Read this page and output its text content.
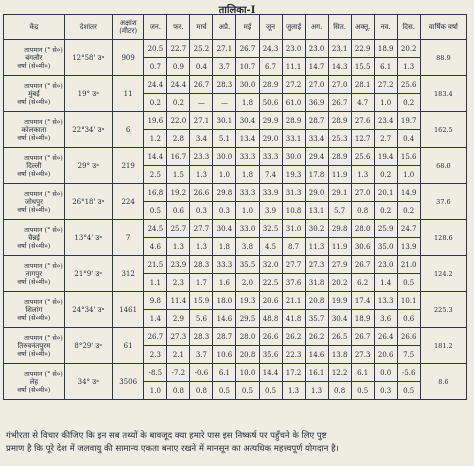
तालिका-I
केंद्र	देशांतर	अक्षांश (मीटर)	जन.	फर.	मार्च	अप्रै.	मई	जून	जुलाई	अग.	सित.	अक्तू.	नव.	दिस.	वार्षिक वर्षा

तापमान (° से०)
बंगलौर
वर्षा (से०मी०)	12°58' उ॰	909	20.5	22.7	25.2	27.1	26.7	24.3	23.0	23.0	23.1	22.9	18.9	20.2	88.9
			0.7	0.9	0.4	3.7	10.7	6.7	11.1	14.7	14.3	15.5	6.1	1.3	

तापमान (° से०)
मुंबई
वर्षा (से०मी०)	19° उ॰	11	24.4	24.4	26.7	28.3	30.0	28.9	27.2	27.0	27.0	28.1	27.2	25.6	183.4
			0.2	0.2	—	—	1.8	50.6	61.0	36.9	26.7	4.7	1.0	0.2	

तापमान (° से०)
कोलकाता
वर्षा (से०मी०)	22°34' उ॰	6	19.6	22.0	27.1	30.1	30.4	29.9	28.9	28.7	28.9	27.6	23.4	19.7	162.5
			1.2	2.8	3.4	5.1	13.4	29.0	33.1	33.4	25.3	12.7	2.7	0.4	

तापमान (° से०)
दिल्ली
वर्षा (से०मी०)	29° उ॰	219	14.4	16.7	23.3	30.0	33.3	33.3	30.0	29.4	28.9	25.6	19.4	15.6	68.0
			2.5	1.5	1.3	1.0	1.8	7.4	19.3	17.8	11.9	1.3	0.2	1.0	

तापमान (° से०)
जोधपुर
वर्षा (से०मी०)	26°18' उ॰	224	16.8	19.2	26.6	29.8	33.3	33.9	31.3	29.0	29.1	27.0	20.1	14.9	37.6
			0.5	0.6	0.3	0.3	1.0	3.9	10.8	13.1	5.7	0.8	0.2	0.2	

तापमान (° से०)
चैन्नई
वर्षा (से०मी०)	13°4' उ॰	7	24.5	25.7	27.7	30.4	33.0	32.5	31.0	30.2	29.8	28.0	25.9	24.7	128.6
			4.6	1.3	1.3	1.8	3.8	4.5	8.7	11.3	11.9	30.6	35.0	13.9	

तापमान (° से०)
नागपुर
वर्षा (से०मी०)	21°9' उ॰	312	21.5	23.9	28.3	33.3	35.5	32.0	27.7	27.3	27.9	26.7	23.0	21.0	124.2
			1.1	2.3	1.7	1.6	2.0	22.5	37.6	31.8	20.2	6.2	1.4	0.5	

तापमान (° से०)
शिलांग
वर्षा (से०मी०)	24°34' उ॰	1461	9.8	11.4	15.9	18.0	19.3	20.6	21.1	20.8	19.9	17.4	13.3	10.1	225.3
			1.4	2.9	5.6	14.6	29.5	48.8	41.8	35.7	30.4	18.9	3.6	0.6	

तापमान (° से०)
तिरुवनंतपुरम
वर्षा (से०मी०)	8°29' उ॰	61	26.7	27.3	28.3	28.7	28.0	26.6	26.2	26.2	26.5	26.7	26.4	26.6	181.2
			2.3	2.1	3.7	10.6	20.8	35.6	22.3	14.6	13.8	27.3	20.6	7.5	

तापमान (° से०)
लेह
वर्षा (से०मी०)	34° उ॰	3506	-8.5	-7.2	-0.6	6.1	10.0	14.4	17.2	16.1	12.2	6.1	0.0	-5.6	8.6
			1.0	0.8	0.8	0.5	0.5	0.5	1.3	1.3	0.8	0.5	0.3	0.5	
गंभीरता से विचार कीजिए कि इन सब तथ्यों के बावजूद क्या हमारे पास इस निष्कर्ष पर पहुँचने के लिए पुष्ट
प्रमाण है कि पूरे देश में जलवायु की सामान्य एकता बनाए रखने में मानसून का अत्यधिक महत्त्वपूर्ण योगदान है।
